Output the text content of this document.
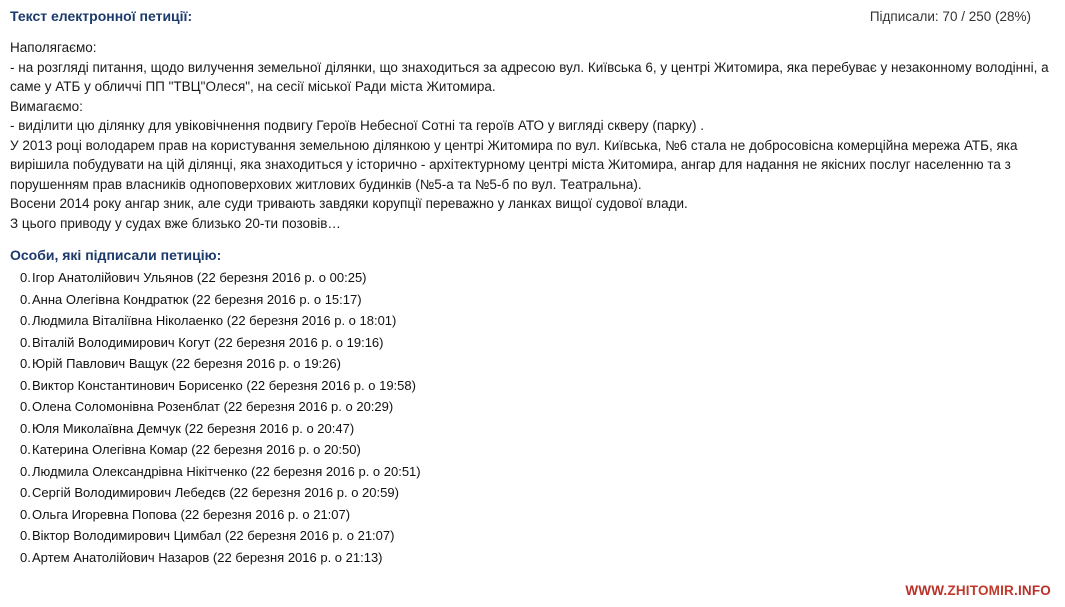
Текст електронної петиції:	Підписали: 70 / 250 (28%)

Наполягаємо:

- на розгляді питання, щодо вилучення земельної ділянки, що знаходиться за адресою вул. Київська 6, у центрі Житомира, яка перебуває у незаконному володінні, а саме у АТБ у обличчі ПП "ТВЦ"Олеся", на сесії міської Ради міста Житомира.

Вимагаємо:

- виділити цю ділянку для увіковічнення подвигу Героїв Небесної Сотні та героїв АТО у вигляді скверу (парку) .

У 2013 році володарем прав на користування земельною ділянкою у центрі Житомира по вул. Київська, №6 стала не добросовісна комерційна мережа АТБ, яка вирішила побудувати на цій ділянці, яка знаходиться у історично - архітектурному центрі міста Житомира, ангар для надання не якісних послуг населенню та з порушенням прав власників одноповерхових житлових будинків (№5-а та №5-б по вул. Театральна).

Восени 2014 року ангар зник, але суди тривають завдяки корупції переважно у ланках вищої судової влади.

З цього приводу у судах вже близько 20-ти позовів…

Особи, які підписали петицію:
0. Ігор Анатолійович Ульянов (22 березня 2016 р. о 00:25)
0. Анна Олегівна Кондратюк (22 березня 2016 р. о 15:17)
0. Людмила Віталіївна Ніколаенко (22 березня 2016 р. о 18:01)
0. Віталій Володимирович Когут (22 березня 2016 р. о 19:16)
0. Юрій Павлович Ващук (22 березня 2016 р. о 19:26)
0. Виктор Константинович Борисенко (22 березня 2016 р. о 19:58)
0. Олена Соломонівна Розенблат (22 березня 2016 р. о 20:29)
0. Юля Миколаївна Демчук (22 березня 2016 р. о 20:47)
0. Катерина Олегівна Комар (22 березня 2016 р. о 20:50)
0. Людмила Олександрівна Нікітченко (22 березня 2016 р. о 20:51)
0. Сергій Володимирович Лебедєв (22 березня 2016 р. о 20:59)
0. Ольга Игоревна Попова (22 березня 2016 р. о 21:07)
0. Віктор Володимирович Цимбал (22 березня 2016 р. о 21:07)
0. Артем Анатолійович Назаров (22 березня 2016 р. о 21:13)
WWW.ZHITOMIR.INFO
